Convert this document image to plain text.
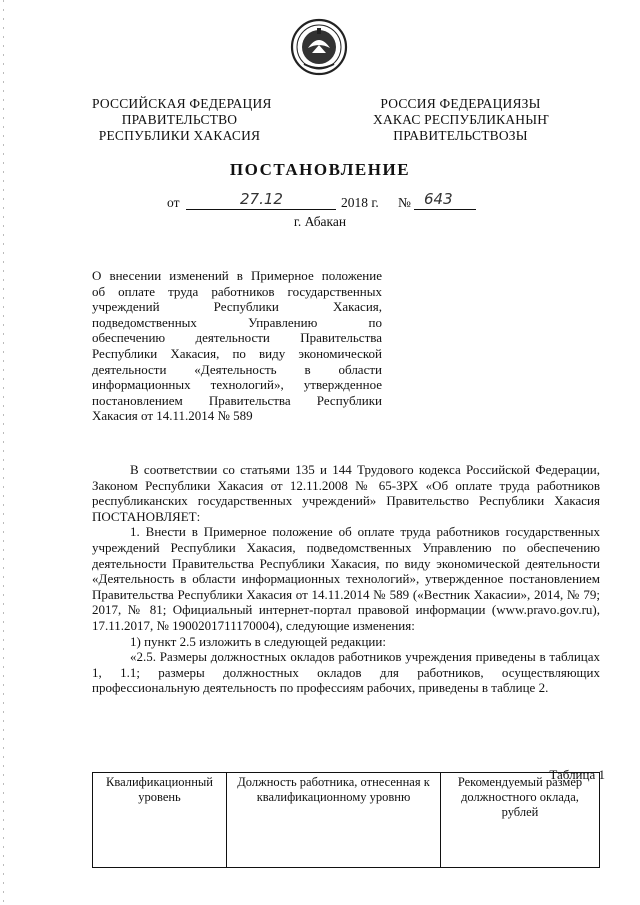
РОССИЙСКАЯ ФЕДЕРАЦИЯ
ПРАВИТЕЛЬСТВО
РЕСПУБЛИКИ ХАКАСИЯ
РОССИЯ ФЕДЕРАЦИЯЗЫ
ХАКАС РЕСПУБЛИКАНЫҤ
ПРАВИТЕЛЬСТВОЗЫ
ПОСТАНОВЛЕНИЕ
от	27.12	2018 г. № 643
г. Абакан
О внесении изменений в Примерное положение
об оплате труда работников государственных
учреждений Республики Хакасия,
подведомственных Управлению по
обеспечению деятельности Правительства
Республики Хакасия, по виду экономической
деятельности «Деятельность в области
информационных технологий», утвержденное
постановлением Правительства Республики
Хакасия от 14.11.2014 № 589

В соответствии со статьями 135 и 144 Трудового кодекса Российской Федерации, Законом Республики Хакасия от 12.11.2008 № 65-ЗРХ «Об оплате труда работников республиканских государственных учреждений» Правительство Республики Хакасия ПОСТАНОВЛЯЕТ:

1. Внести в Примерное положение об оплате труда работников государственных учреждений Республики Хакасия, подведомственных Управлению по обеспечению деятельности Правительства Республики Хакасия, по виду экономической деятельности «Деятельность в области информационных технологий», утвержденное постановлением Правительства Республики Хакасия от 14.11.2014 № 589 («Вестник Хакасии», 2014, № 79; 2017, № 81; Официальный интернет-портал правовой информации (www.pravo.gov.ru), 17.11.2017, № 1900201711170004), следующие изменения:

1) пункт 2.5 изложить в следующей редакции:

«2.5. Размеры должностных окладов работников учреждения приведены в таблицах 1, 1.1; размеры должностных окладов для работников, осуществляющих профессиональную деятельность по профессиям рабочих, приведены в таблице 2.

Таблица 1
Квалификационный уровень	Должность работника, отнесенная к квалификационному уровню	Рекомендуемый размер должностного оклада, рублей
